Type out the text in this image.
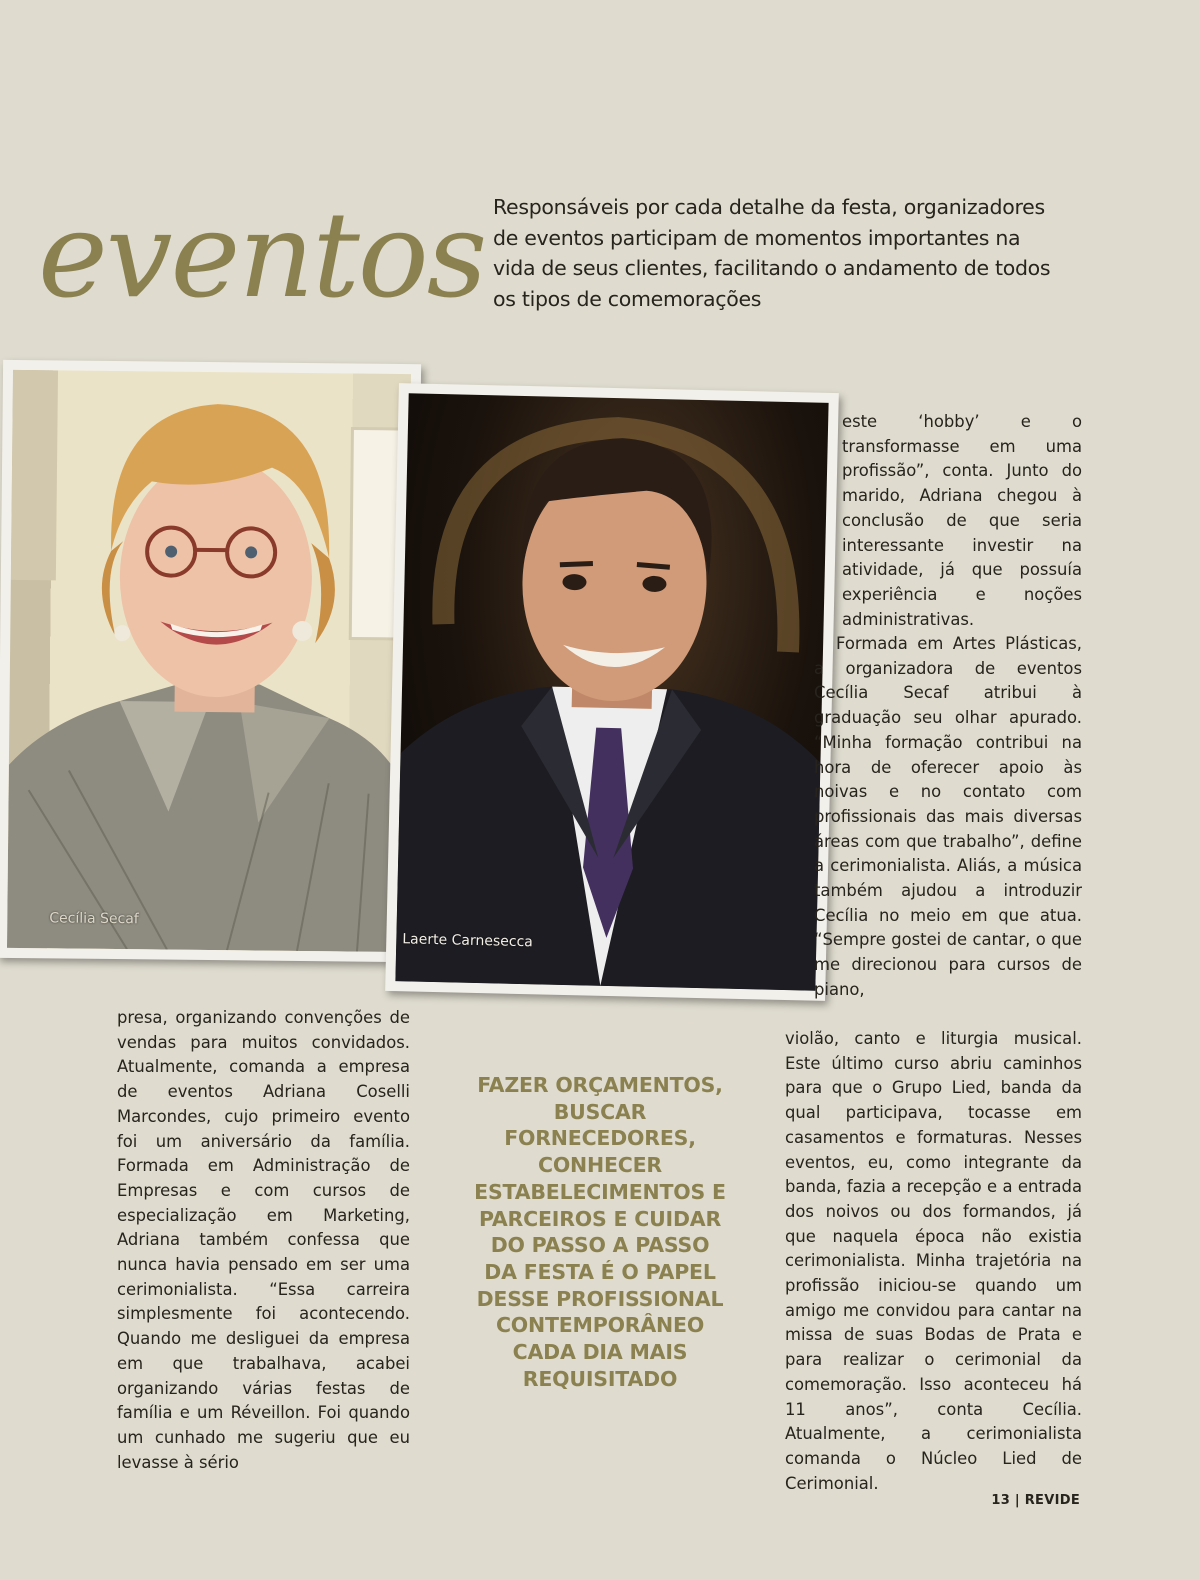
eventos Responsáveis por cada detalhe da festa, organizadores de eventos participam de momentos importantes na vida de seus clientes, facilitando o andamento de todos os tipos de comemorações

Cecília Secaf
Laerte Carnesecca

este ‘hobby’ e o transformasse em uma profissão”, conta. Junto do marido, Adriana chegou à conclusão de que seria interessante investir na atividade, já que possuía experiência e noções administrativas.

Formada em Artes Plásticas, a organizadora de eventos Cecília Secaf atribui à graduação seu olhar apurado. “Minha formação contribui na hora de oferecer apoio às noivas e no contato com profissionais das mais diversas áreas com que trabalho”, define a cerimonialista. Aliás, a música também ajudou a introduzir Cecília no meio em que atua. “Sempre gostei de cantar, o que me direcionou para cursos de piano,

violão, canto e liturgia musical. Este último curso abriu caminhos para que o Grupo Lied, banda da qual participava, tocasse em casamentos e formaturas. Nesses eventos, eu, como integrante da banda, fazia a recepção e a entrada dos noivos ou dos formandos, já que naquela época não existia cerimonialista. Minha trajetória na profissão iniciou-se quando um amigo me convidou para cantar na missa de suas Bodas de Prata e para realizar o cerimonial da comemoração. Isso aconteceu há 11 anos”, conta Cecília. Atualmente, a cerimonialista comanda o Núcleo Lied de Cerimonial.

presa, organizando convenções de vendas para muitos convidados. Atualmente, comanda a empresa de eventos Adriana Coselli Marcondes, cujo primeiro evento foi um aniversário da família. Formada em Administração de Empresas e com cursos de especialização em Marketing, Adriana também confessa que nunca havia pensado em ser uma cerimonialista. “Essa carreira simplesmente foi acontecendo. Quando me desliguei da empresa em que trabalhava, acabei organizando várias festas de família e um Réveillon. Foi quando um cunhado me sugeriu que eu levasse à sério

FAZER ORÇAMENTOS, BUSCAR FORNECEDORES, CONHECER ESTABELECIMENTOS E PARCEIROS E CUIDAR DO PASSO A PASSO DA FESTA É O PAPEL DESSE PROFISSIONAL CONTEMPORÂNEO CADA DIA MAIS REQUISITADO

13 | REVIDE
